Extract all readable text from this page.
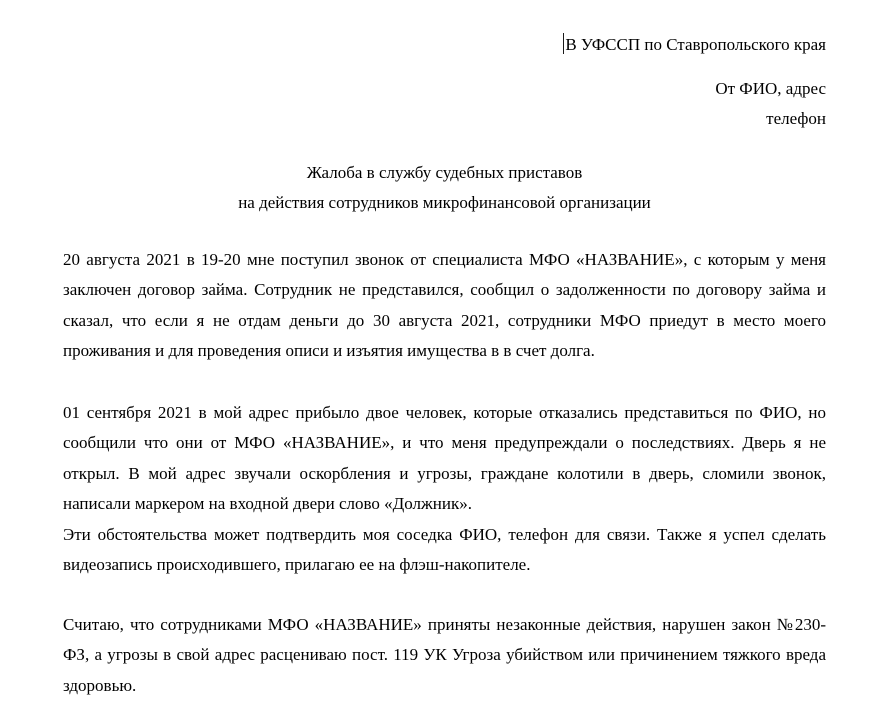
В УФССП по Ставропольского края
От ФИО, адрес
телефон
Жалоба в службу судебных приставов
на действия сотрудников микрофинансовой организации

20 августа 2021 в 19-20 мне поступил звонок от специалиста МФО «НАЗВАНИЕ», с которым у меня заключен договор займа. Сотрудник не представился, сообщил о задолженности по договору займа и сказал, что если я не отдам деньги до 30 августа 2021, сотрудники МФО приедут в место моего проживания и для проведения описи и изъятия имущества в в счет долга.

01 сентября 2021 в мой адрес прибыло двое человек, которые отказались представиться по ФИО, но сообщили что они от МФО «НАЗВАНИЕ», и что меня предупреждали о последствиях. Дверь я не открыл. В мой адрес звучали оскорбления и угрозы, граждане колотили в дверь, сломили звонок, написали маркером на входной двери слово «Должник».

Эти обстоятельства может подтвердить моя соседка ФИО, телефон для связи. Также я успел сделать видеозапись происходившего, прилагаю ее на флэш-накопителе.

Считаю, что сотрудниками МФО «НАЗВАНИЕ» приняты незаконные действия, нарушен закон №230-ФЗ, а угрозы в свой адрес расцениваю пост. 119 УК Угроза убийством или причинением тяжкого вреда здоровью.
